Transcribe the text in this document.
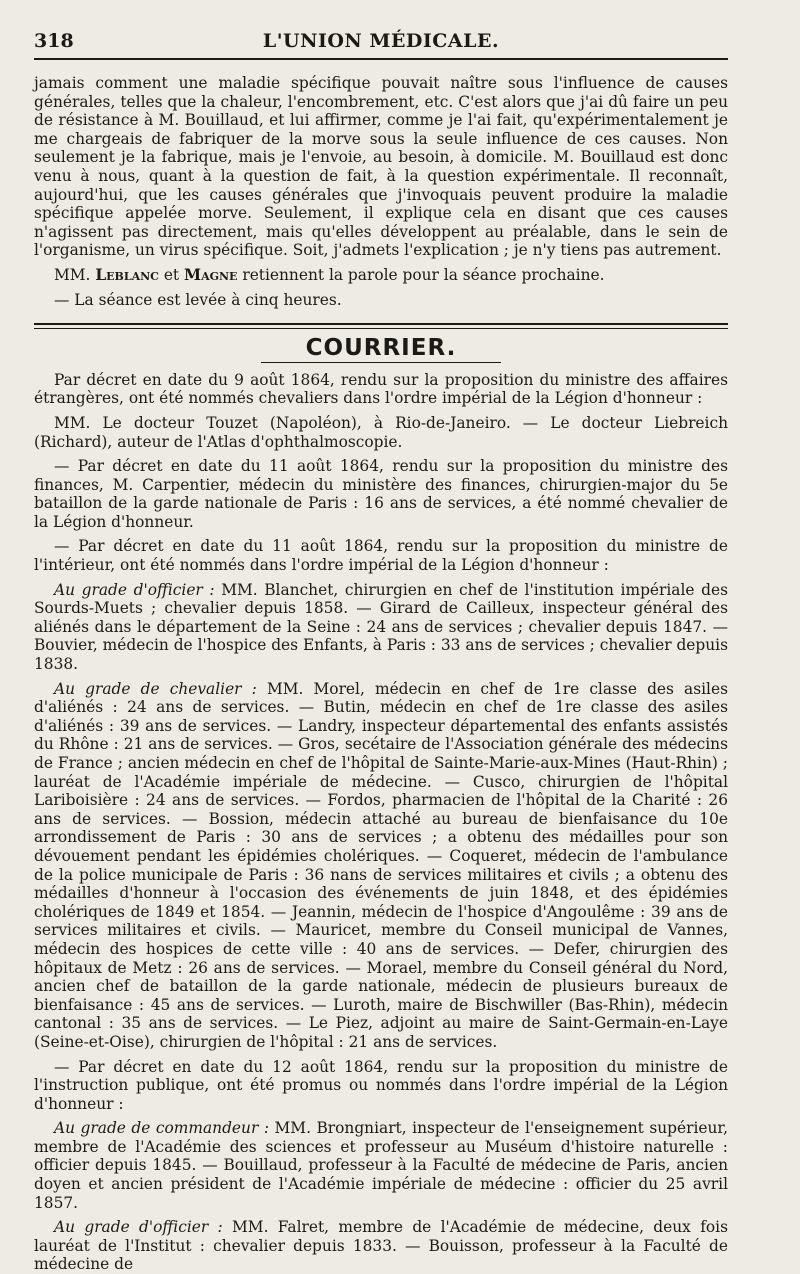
318	L'UNION MÉDICALE.

jamais comment une maladie spécifique pouvait naître sous l'influence de causes générales, telles que la chaleur, l'encombrement, etc. C'est alors que j'ai dû faire un peu de résistance à M. Bouillaud, et lui affirmer, comme je l'ai fait, qu'expérimentalement je me chargeais de fabriquer de la morve sous la seule influence de ces causes. Non seulement je la fabrique, mais je l'envoie, au besoin, à domicile. M. Bouillaud est donc venu à nous, quant à la question de fait, à la question expérimentale. Il reconnaît, aujourd'hui, que les causes générales que j'invoquais peuvent produire la maladie spécifique appelée morve. Seulement, il explique cela en disant que ces causes n'agissent pas directement, mais qu'elles développent au préalable, dans le sein de l'organisme, un virus spécifique. Soit, j'admets l'explication ; je n'y tiens pas autrement.

MM. Leblanc et Magne retiennent la parole pour la séance prochaine.

— La séance est levée à cinq heures.

COURRIER.

Par décret en date du 9 août 1864, rendu sur la proposition du ministre des affaires étrangères, ont été nommés chevaliers dans l'ordre impérial de la Légion d'honneur :

MM. Le docteur Touzet (Napoléon), à Rio-de-Janeiro. — Le docteur Liebreich (Richard), auteur de l'Atlas d'ophthalmoscopie.

— Par décret en date du 11 août 1864, rendu sur la proposition du ministre des finances, M. Carpentier, médecin du ministère des finances, chirurgien-major du 5e bataillon de la garde nationale de Paris : 16 ans de services, a été nommé chevalier de la Légion d'honneur.

— Par décret en date du 11 août 1864, rendu sur la proposition du ministre de l'intérieur, ont été nommés dans l'ordre impérial de la Légion d'honneur :

Au grade d'officier : MM. Blanchet, chirurgien en chef de l'institution impériale des Sourds-Muets ; chevalier depuis 1858. — Girard de Cailleux, inspecteur général des aliénés dans le département de la Seine : 24 ans de services ; chevalier depuis 1847. — Bouvier, médecin de l'hospice des Enfants, à Paris : 33 ans de services ; chevalier depuis 1838.

Au grade de chevalier : MM. Morel, médecin en chef de 1re classe des asiles d'aliénés : 24 ans de services. — Butin, médecin en chef de 1re classe des asiles d'aliénés : 39 ans de services. — Landry, inspecteur départemental des enfants assistés du Rhône : 21 ans de services. — Gros, secétaire de l'Association générale des médecins de France ; ancien médecin en chef de l'hôpital de Sainte-Marie-aux-Mines (Haut-Rhin) ; lauréat de l'Académie impériale de médecine. — Cusco, chirurgien de l'hôpital Lariboisière : 24 ans de services. — Fordos, pharmacien de l'hôpital de la Charité : 26 ans de services. — Bossion, médecin attaché au bureau de bienfaisance du 10e arrondissement de Paris : 30 ans de services ; a obtenu des médailles pour son dévouement pendant les épidémies cholériques. — Coqueret, médecin de l'ambulance de la police municipale de Paris : 36 nans de services militaires et civils ; a obtenu des médailles d'honneur à l'occasion des événements de juin 1848, et des épidémies cholériques de 1849 et 1854. — Jeannin, médecin de l'hospice d'Angoulême : 39 ans de services militaires et civils. — Mauricet, membre du Conseil municipal de Vannes, médecin des hospices de cette ville : 40 ans de services. — Defer, chirurgien des hôpitaux de Metz : 26 ans de services. — Morael, membre du Conseil général du Nord, ancien chef de bataillon de la garde nationale, médecin de plusieurs bureaux de bienfaisance : 45 ans de services. — Luroth, maire de Bischwiller (Bas-Rhin), médecin cantonal : 35 ans de services. — Le Piez, adjoint au maire de Saint-Germain-en-Laye (Seine-et-Oise), chirurgien de l'hôpital : 21 ans de services.

— Par décret en date du 12 août 1864, rendu sur la proposition du ministre de l'instruction publique, ont été promus ou nommés dans l'ordre impérial de la Légion d'honneur :

Au grade de commandeur : MM. Brongniart, inspecteur de l'enseignement supérieur, membre de l'Académie des sciences et professeur au Muséum d'histoire naturelle : officier depuis 1845. — Bouillaud, professeur à la Faculté de médecine de Paris, ancien doyen et ancien président de l'Académie impériale de médecine : officier du 25 avril 1857.

Au grade d'officier : MM. Falret, membre de l'Académie de médecine, deux fois lauréat de l'Institut : chevalier depuis 1833. — Bouisson, professeur à la Faculté de médecine de
